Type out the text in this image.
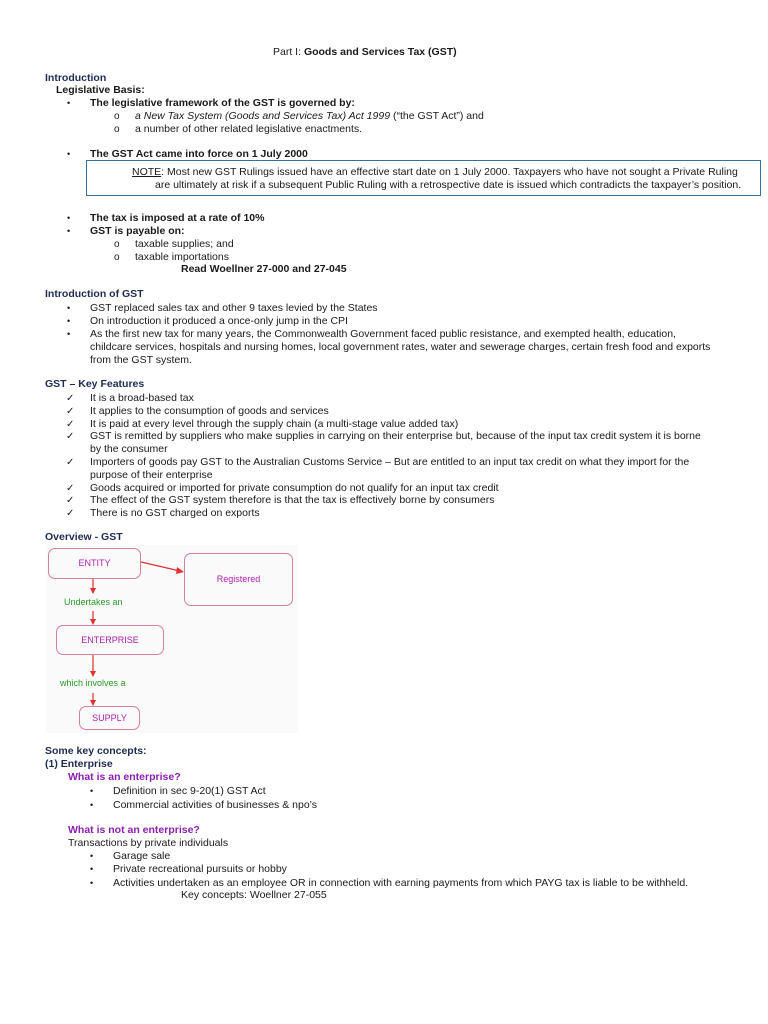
Part I: Goods and Services Tax (GST)
Introduction
Legislative Basis:
• The legislative framework of the GST is governed by:
o a New Tax System (Goods and Services Tax) Act 1999 (“the GST Act”) and
o a number of other related legislative enactments.
• The GST Act came into force on 1 July 2000
NOTE: Most new GST Rulings issued have an effective start date on 1 July 2000. Taxpayers who have not sought a Private Ruling
are ultimately at risk if a subsequent Public Ruling with a retrospective date is issued which contradicts the taxpayer’s position.
• The tax is imposed at a rate of 10%
• GST is payable on:
o taxable supplies; and
o taxable importations
Read Woellner 27-000 and 27-045
Introduction of GST
• GST replaced sales tax and other 9 taxes levied by the States
• On introduction it produced a once-only jump in the CPI
• As the first new tax for many years, the Commonwealth Government faced public resistance, and exempted health, education,
childcare services, hospitals and nursing homes, local government rates, water and sewerage charges, certain fresh food and exports
from the GST system.
GST – Key Features
✓ It is a broad-based tax
✓ It applies to the consumption of goods and services
✓ It is paid at every level through the supply chain (a multi-stage value added tax)
✓ GST is remitted by suppliers who make supplies in carrying on their enterprise but, because of the input tax credit system it is borne
by the consumer
✓ Importers of goods pay GST to the Australian Customs Service – But are entitled to an input tax credit on what they import for the
purpose of their enterprise
✓ Goods acquired or imported for private consumption do not qualify for an input tax credit
✓ The effect of the GST system therefore is that the tax is effectively borne by consumers
✓ There is no GST charged on exports
Overview - GST
ENTITY
Registered
Undertakes an
ENTERPRISE
which involves a
SUPPLY
Some key concepts:
(1) Enterprise
What is an enterprise?
• Definition in sec 9-20(1) GST Act
• Commercial activities of businesses & npo’s
What is not an enterprise?
Transactions by private individuals
• Garage sale
• Private recreational pursuits or hobby
• Activities undertaken as an employee OR in connection with earning payments from which PAYG tax is liable to be withheld.
Key concepts: Woellner 27-055
